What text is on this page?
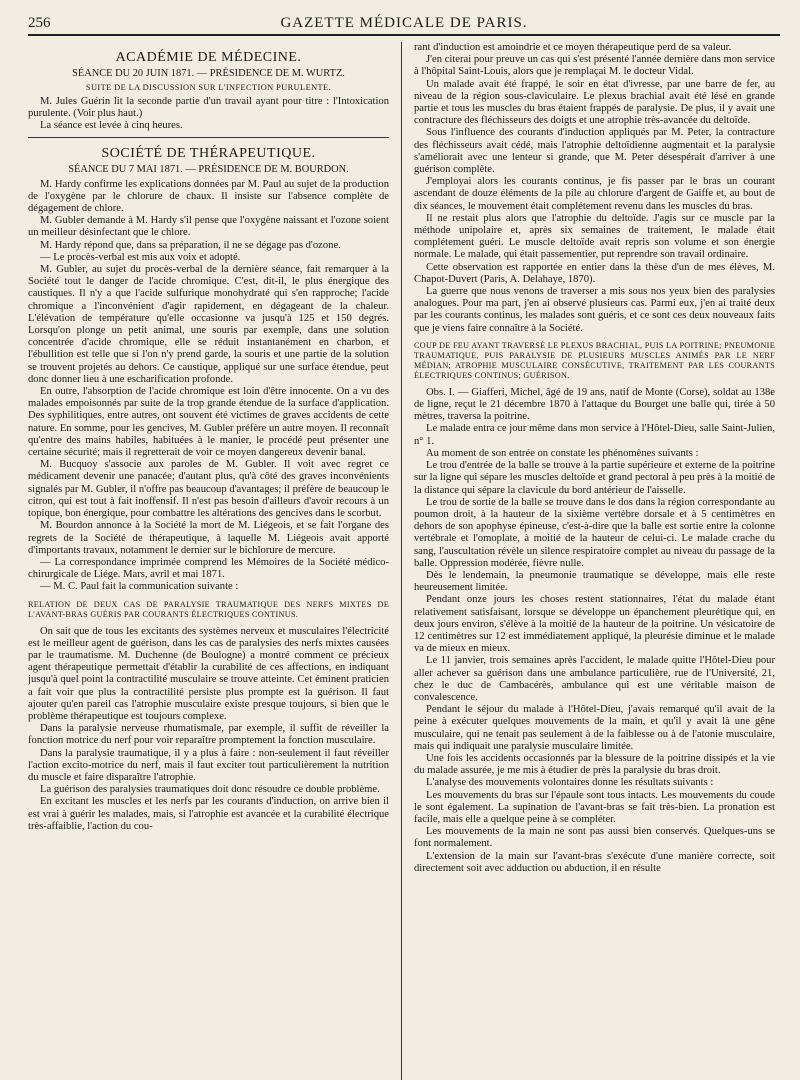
256	GAZETTE MÉDICALE DE PARIS.
ACADÉMIE DE MÉDECINE.
SÉANCE DU 20 JUIN 1871. — PRÉSIDENCE DE M. WURTZ.
SUITE DE LA DISCUSSION SUR L'INFECTION PURULENTE.

M. Jules Guérin lit la seconde partie d'un travail ayant pour titre : l'Intoxication purulente. (Voir plus haut.)

La séance est levée à cinq heures.

SOCIÉTÉ DE THÉRAPEUTIQUE.
SÉANCE DU 7 MAI 1871. — PRÉSIDENCE DE M. BOURDON.

M. Hardy confirme les explications données par M. Paul au sujet de la production de l'oxygène par le chlorure de chaux. Il insiste sur l'absence complète de dégagement de chlore.

M. Gubler demande à M. Hardy s'il pense que l'oxygène naissant et l'ozone soient un meilleur désinfectant que le chlore.

M. Hardy répond que, dans sa préparation, il ne se dégage pas d'ozone.

— Le procès-verbal est mis aux voix et adopté.

M. Gubler, au sujet du procès-verbal de la dernière séance, fait remarquer à la Société tout le danger de l'acide chromique. C'est, dit-il, le plus énergique des caustiques. Il n'y a que l'acide sulfurique monohydraté qui s'en rapproche; l'acide chromique a l'inconvénient d'agir rapidement, en dégageant de la chaleur. L'élévation de température qu'elle occasionne va jusqu'à 125 et 150 degrés. Lorsqu'on plonge un petit animal, une souris par exemple, dans une solution concentrée d'acide chromique, elle se réduit instantanément en charbon, et l'ébullition est telle que si l'on n'y prend garde, la souris et une partie de la solution se trouvent projetés au dehors. Ce caustique, appliqué sur une surface étendue, peut donc donner lieu à une escharification profonde.

En outre, l'absorption de l'acide chromique est loin d'être innocente. On a vu des malades empoisonnés par suite de la trop grande étendue de la surface d'application. Des syphilitiques, entre autres, ont souvent été victimes de graves accidents de cette nature. En somme, pour les gencives, M. Gubler préfère un autre moyen. Il reconnaît qu'entre des mains habiles, habituées à le manier, le procédé peut présenter une certaine sécurité; mais il regretterait de voir ce moyen dangereux devenir banal.

M. Bucquoy s'associe aux paroles de M. Gubler. Il voit avec regret ce médicament devenir une panacée; d'autant plus, qu'à côté des graves inconvénients signalés par M. Gubler, il n'offre pas beaucoup d'avantages; il préfère de beaucoup le citron, qui est tout à fait inoffensif. Il n'est pas besoin d'ailleurs d'avoir recours à un topique, bon énergique, pour combattre les altérations des gencives dans le scorbut.

M. Bourdon annonce à la Société la mort de M. Liégeois, et se fait l'organe des regrets de la Société de thérapeutique, à laquelle M. Liégeois avait apporté d'importants travaux, notamment le dernier sur le bichlorure de mercure.

— La correspondance imprimée comprend les Mémoires de la Société médico-chirurgicale de Liége. Mars, avril et mai 1871.

— M. C. Paul fait la communication suivante :

RELATION DE DEUX CAS DE PARALYSIE TRAUMATIQUE DES NERFS MIXTES DE L'AVANT-BRAS GUÉRIS PAR COURANTS ÉLECTRIQUES CONTINUS.

On sait que de tous les excitants des systèmes nerveux et musculaires l'électricité est le meilleur agent de guérison, dans les cas de paralysies des nerfs mixtes causées par le traumatisme. M. Duchenne (de Boulogne) a montré comment ce précieux agent thérapeutique permettait d'établir la curabilité de ces affections, en indiquant jusqu'à quel point la contractilité musculaire se trouve atteinte. Cet éminent praticien a fait voir que plus la contractilité persiste plus prompte est la guérison. Il faut ajouter qu'en pareil cas l'atrophie musculaire existe presque toujours, si bien que le problème thérapeutique est toujours complexe.

Dans la paralysie nerveuse rhumatismale, par exemple, il suffit de réveiller la fonction motrice du nerf pour voir reparaître promptement la fonction musculaire.

Dans la paralysie traumatique, il y a plus à faire : non-seulement il faut réveiller l'action excito-motrice du nerf, mais il faut exciter tout particulièrement la nutrition du muscle et faire disparaître l'atrophie.

La guérison des paralysies traumatiques doit donc résoudre ce double problème.

En excitant les muscles et les nerfs par les courants d'induction, on arrive bien il est vrai à guérir les malades, mais, si l'atrophie est avancée et la curabilité électrique très-affaiblie, l'action du cou-

rant d'induction est amoindrie et ce moyen thérapeutique perd de sa valeur.

J'en citerai pour preuve un cas qui s'est présenté l'année dernière dans mon service à l'hôpital Saint-Louis, alors que je remplaçai M. le docteur Vidal.

Un malade avait été frappé, le soir en état d'ivresse, par une barre de fer, au niveau de la région sous-claviculaire. Le plexus brachial avait été lésé en grande partie et tous les muscles du bras étaient frappés de paralysie. De plus, il y avait une contracture des fléchisseurs des doigts et une atrophie très-avancée du deltoïde.

Sous l'influence des courants d'induction appliqués par M. Peter, la contracture des fléchisseurs avait cédé, mais l'atrophie deltoïdienne augmentait et la paralysie s'améliorait avec une lenteur si grande, que M. Peter désespérait d'arriver à une guérison complète.

J'employai alors les courants continus, je fis passer par le bras un courant ascendant de douze éléments de la pile au chlorure d'argent de Gaiffe et, au bout de dix séances, le mouvement était complétement revenu dans les muscles du bras.

Il ne restait plus alors que l'atrophie du deltoïde. J'agis sur ce muscle par la méthode unipolaire et, après six semaines de traitement, le malade était complétement guéri. Le muscle deltoïde avait repris son volume et son énergie normale. Le malade, qui était passementier, put reprendre son travail ordinaire.

Cette observation est rapportée en entier dans la thèse d'un de mes élèves, M. Chapot-Duvert (Paris, A. Delahaye, 1870).

La guerre que nous venons de traverser a mis sous nos yeux bien des paralysies analogues. Pour ma part, j'en ai observé plusieurs cas. Parmi eux, j'en ai traité deux par les courants continus, les malades sont guéris, et ce sont ces deux nouveaux faits que je viens faire connaître à la Société.

COUP DE FEU AYANT TRAVERSÉ LE PLEXUS BRACHIAL, PUIS LA POITRINE; PNEUMONIE TRAUMATIQUE, PUIS PARALYSIE DE PLUSIEURS MUSCLES ANIMÉS PAR LE NERF MÉDIAN; ATROPHIE MUSCULAIRE CONSÉCUTIVE, TRAITEMENT PAR LES COURANTS ÉLECTRIQUES CONTINUS; GUÉRISON.

Obs. I. — Giafferi, Michel, âgé de 19 ans, natif de Monte (Corse), soldat au 138e de ligne, reçut le 21 décembre 1870 à l'attaque du Bourget une balle qui, tirée à 50 mètres, traversa la poitrine.

Le malade entra ce jour même dans mon service à l'Hôtel-Dieu, salle Saint-Julien, n° 1.

Au moment de son entrée on constate les phénomènes suivants :

Le trou d'entrée de la balle se trouve à la partie supérieure et externe de la poitrine sur la ligne qui sépare les muscles deltoïde et grand pectoral à peu près à la moitié de la distance qui sépare la clavicule du bord antérieur de l'aisselle.

Le trou de sortie de la balle se trouve dans le dos dans la région correspondante au poumon droit, à la hauteur de la sixième vertèbre dorsale et à 5 centimètres en dehors de son apophyse épineuse, c'est-à-dire que la balle est sortie entre la colonne vertébrale et l'omoplate, à moitié de la hauteur de celui-ci. Le malade crache du sang, l'auscultation révèle un silence respiratoire complet au niveau du passage de la balle. Oppression modérée, fièvre nulle.

Dès le lendemain, la pneumonie traumatique se développe, mais elle reste heureusement limitée.

Pendant onze jours les choses restent stationnaires, l'état du malade étant relativement satisfaisant, lorsque se développe un épanchement pleurétique qui, en deux jours environ, s'élève à la moitié de la hauteur de la poitrine. Un vésicatoire de 12 centimètres sur 12 est immédiatement appliqué, la pleurésie diminue et le malade va de mieux en mieux.

Le 11 janvier, trois semaines après l'accident, le malade quitte l'Hôtel-Dieu pour aller achever sa guérison dans une ambulance particulière, rue de l'Université, 21, chez le duc de Cambacérès, ambulance qui est une véritable maison de convalescence.

Pendant le séjour du malade à l'Hôtel-Dieu, j'avais remarqué qu'il avait de la peine à exécuter quelques mouvements de la main, et qu'il y avait là une gêne musculaire, qui ne tenait pas seulement à de la faiblesse ou à de l'atonie musculaire, mais qui indiquait une paralysie musculaire limitée.

Une fois les accidents occasionnés par la blessure de la poitrine dissipés et la vie du malade assurée, je me mis à étudier de près la paralysie du bras droit.

L'analyse des mouvements volontaires donne les résultats suivants :

Les mouvements du bras sur l'épaule sont tous intacts. Les mouvements du coude le sont également. La supination de l'avant-bras se fait très-bien. La pronation est facile, mais elle a quelque peine à se compléter.

Les mouvements de la main ne sont pas aussi bien conservés. Quelques-uns se font normalement.

L'extension de la main sur l'avant-bras s'exécute d'une manière correcte, soit directement soit avec adduction ou abduction, il en résulte
